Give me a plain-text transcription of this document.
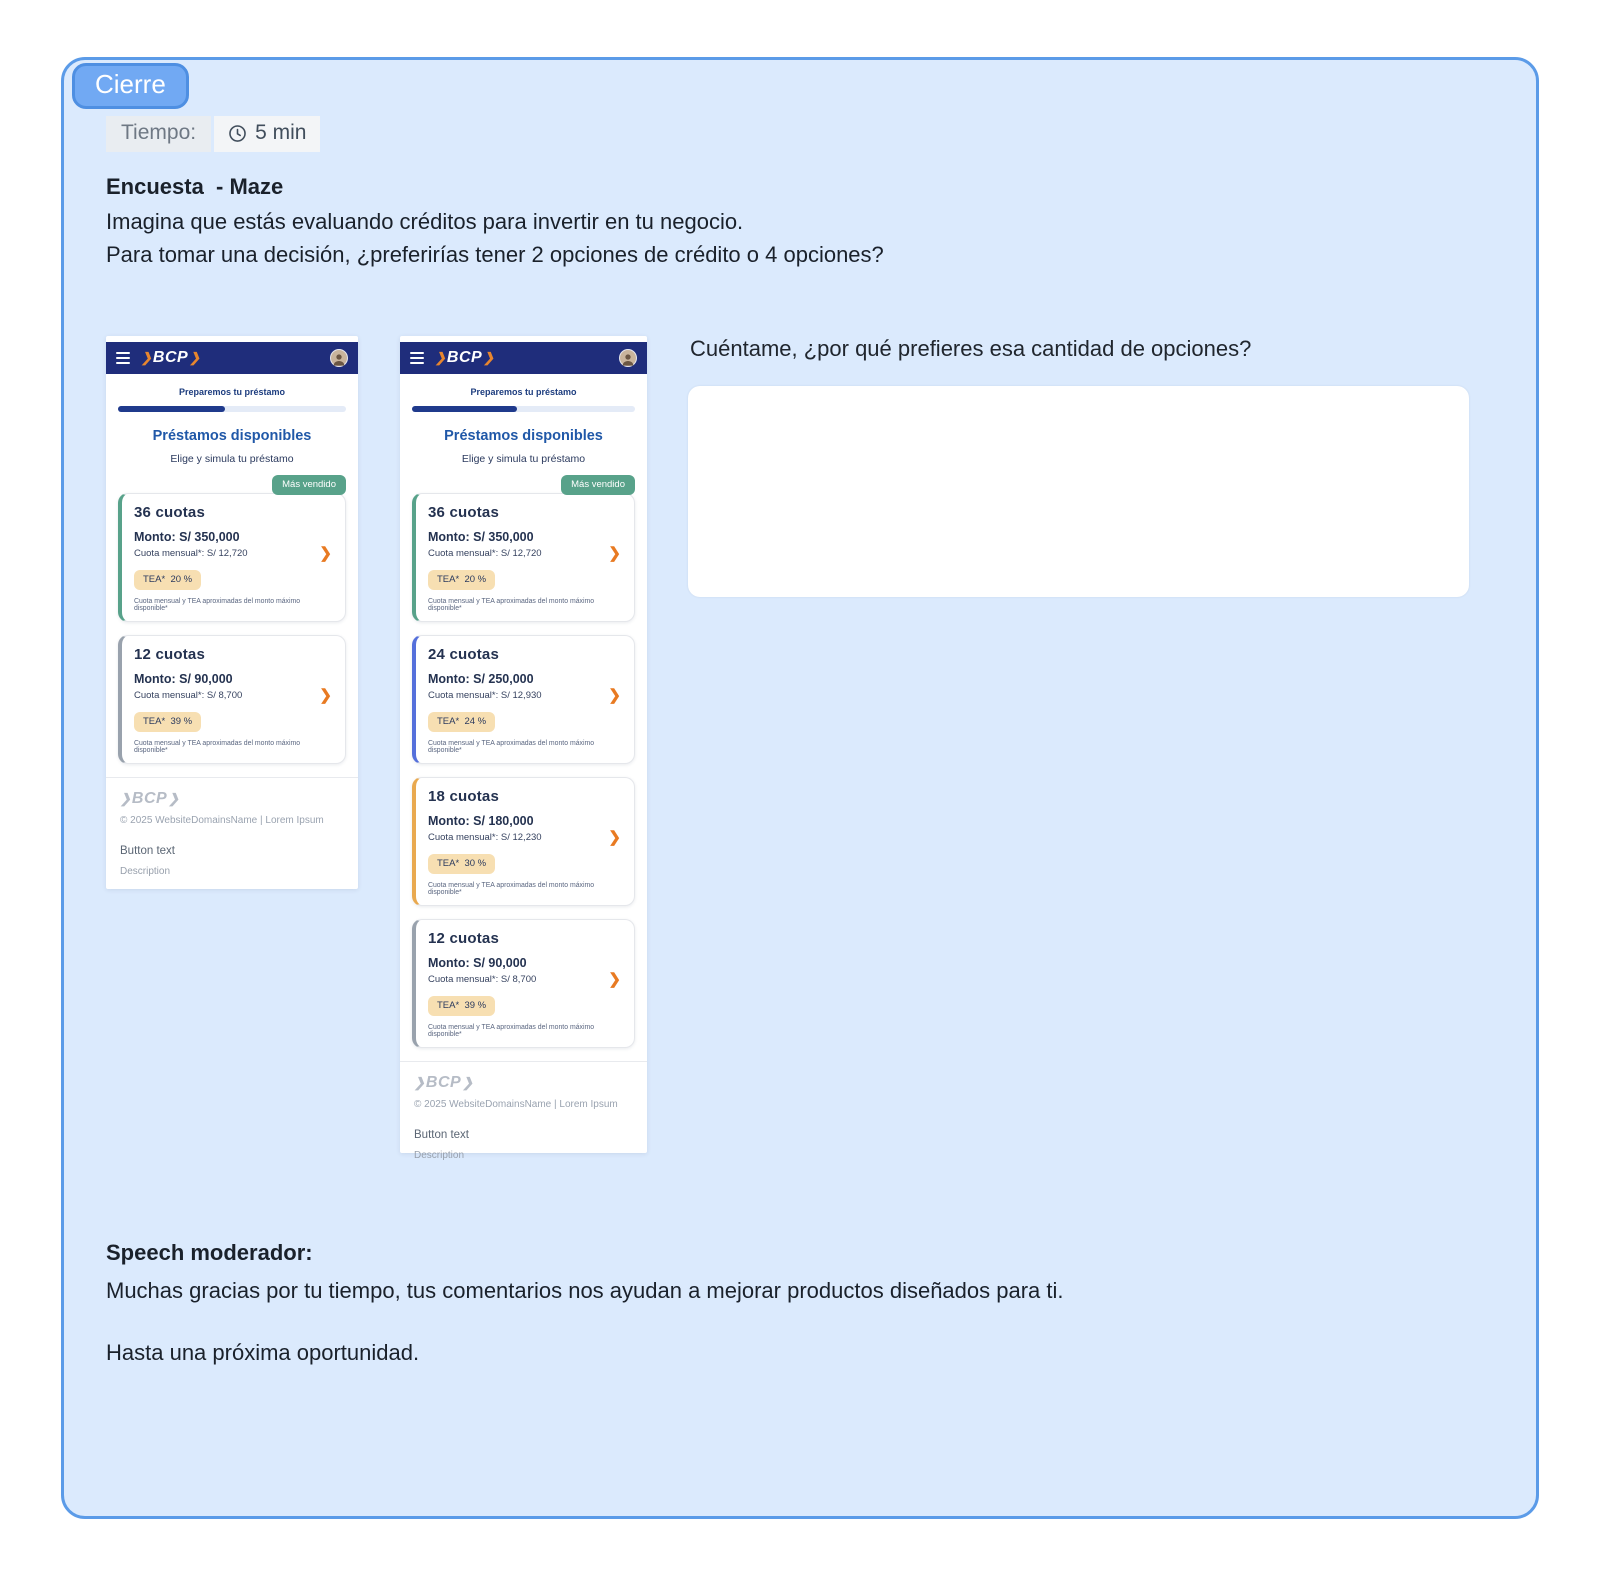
Cierre
Tiempo:	5 min
Encuesta  - Maze
Imagina que estás evaluando créditos para invertir en tu negocio.
Para tomar una decisión, ¿preferirías tener 2 opciones de crédito o 4 opciones?
❯ BCP ❯
Preparemos tu préstamo
Préstamos disponibles
Elige y simula tu préstamo
Más vendido
36 cuotas
Monto: S/ 350,000
Cuota mensual*: S/ 12,720	❯
TEA*  20 %
Cuota mensual y TEA aproximadas del monto máximo disponible*
12 cuotas
Monto: S/ 90,000
Cuota mensual*: S/ 8,700	❯
TEA*  39 %
Cuota mensual y TEA aproximadas del monto máximo disponible*
❯ BCP ❯
© 2025 WebsiteDomainsName | Lorem Ipsum
Button text
Description
❯ BCP ❯
Preparemos tu préstamo
Préstamos disponibles
Elige y simula tu préstamo
Más vendido
36 cuotas
Monto: S/ 350,000
Cuota mensual*: S/ 12,720	❯
TEA*  20 %
Cuota mensual y TEA aproximadas del monto máximo disponible*
24 cuotas
Monto: S/ 250,000
Cuota mensual*: S/ 12,930	❯
TEA*  24 %
Cuota mensual y TEA aproximadas del monto máximo disponible*
18 cuotas
Monto: S/ 180,000
Cuota mensual*: S/ 12,230	❯
TEA*  30 %
Cuota mensual y TEA aproximadas del monto máximo disponible*
12 cuotas
Monto: S/ 90,000
Cuota mensual*: S/ 8,700	❯
TEA*  39 %
Cuota mensual y TEA aproximadas del monto máximo disponible*
❯ BCP ❯
© 2025 WebsiteDomainsName | Lorem Ipsum
Button text
Description
Cuéntame, ¿por qué prefieres esa cantidad de opciones?
Speech moderador:
Muchas gracias por tu tiempo, tus comentarios nos ayudan a mejorar productos diseñados para ti.
Hasta una próxima oportunidad.
